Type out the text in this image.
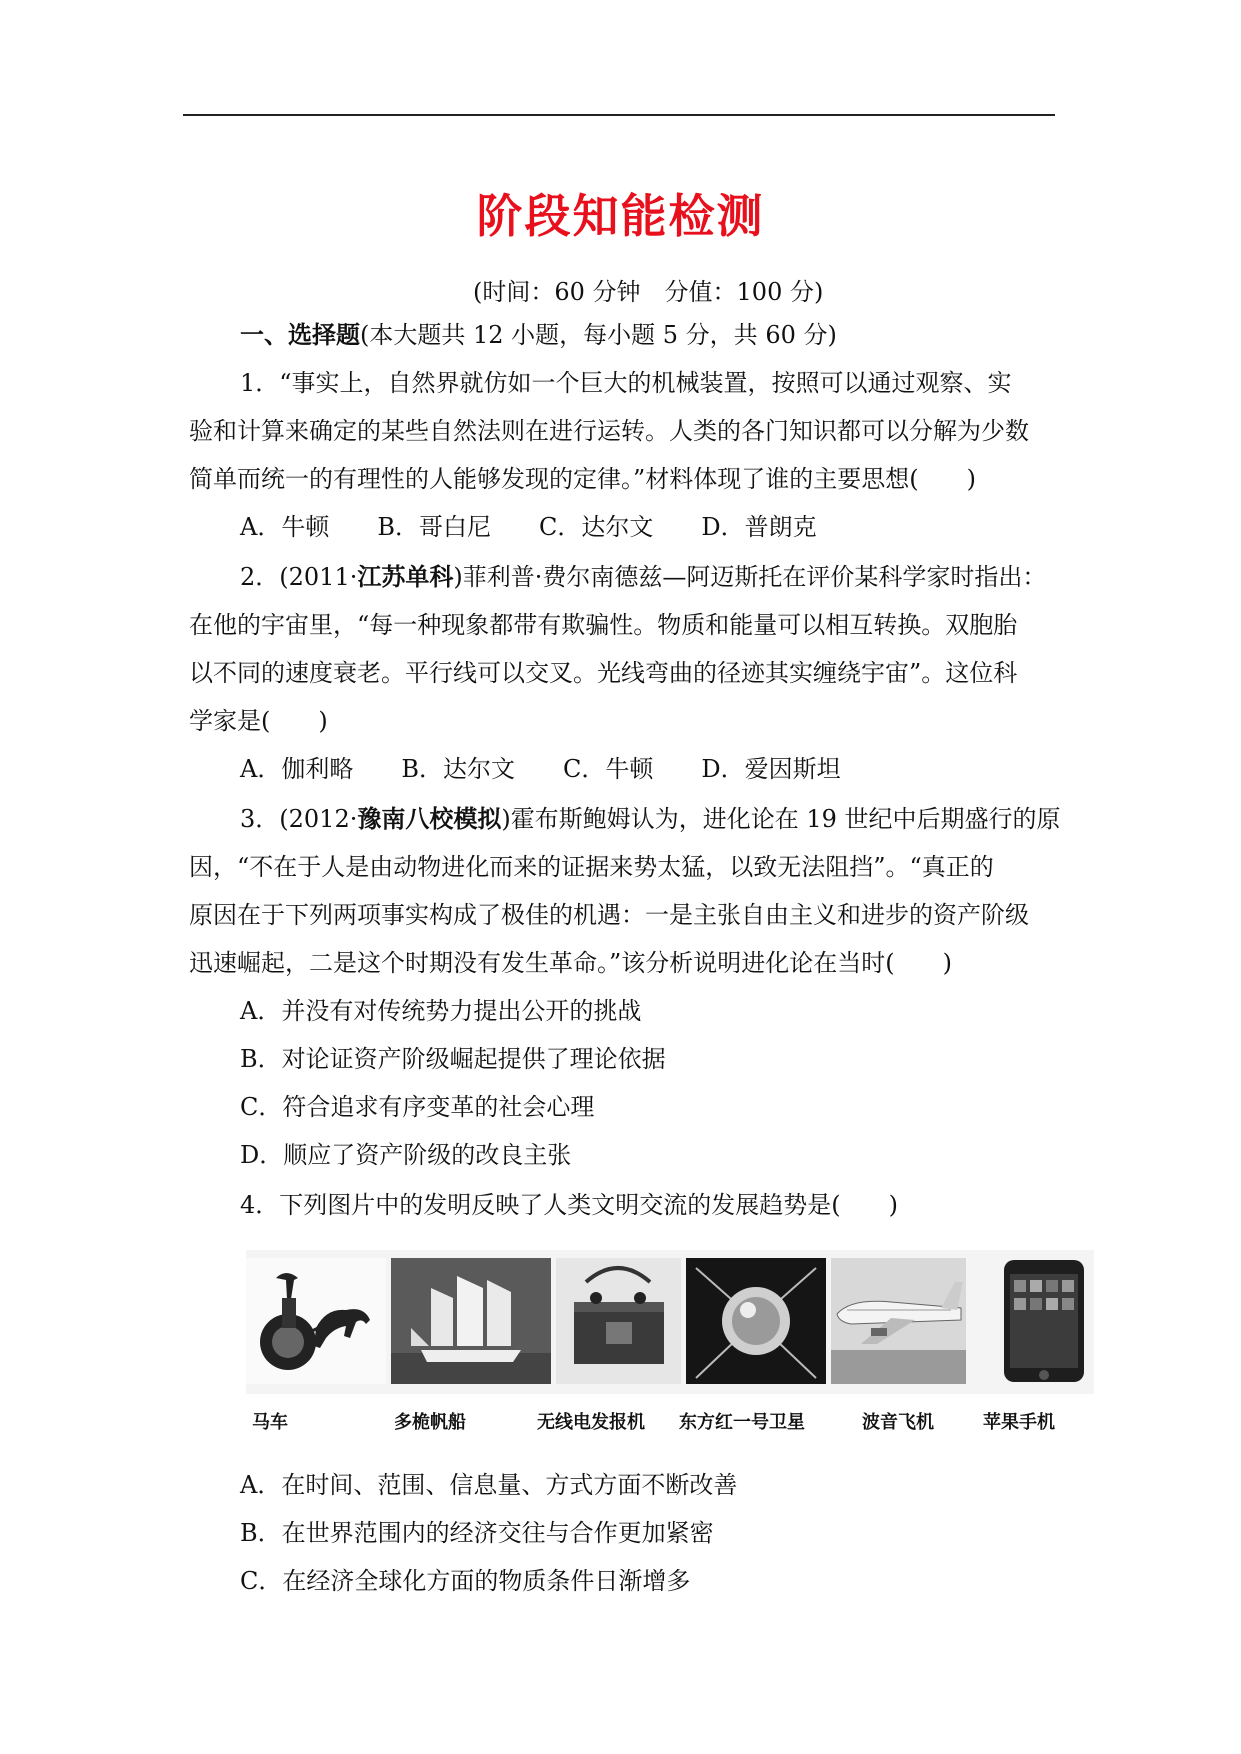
阶段知能检测
(时间：60 分钟　分值：100 分)
一、选择题(本大题共 12 小题，每小题 5 分，共 60 分)
1．“事实上，自然界就仿如一个巨大的机械装置，按照可以通过观察、实
验和计算来确定的某些自然法则在进行运转。人类的各门知识都可以分解为少数
简单而统一的有理性的人能够发现的定律。”材料体现了谁的主要思想(　　)
A．牛顿　　B．哥白尼　　C．达尔文　　D．普朗克
2．(2011·江苏单科)菲利普·费尔南德兹—阿迈斯托在评价某科学家时指出：
在他的宇宙里，“每一种现象都带有欺骗性。物质和能量可以相互转换。双胞胎
以不同的速度衰老。平行线可以交叉。光线弯曲的径迹其实缠绕宇宙”。这位科
学家是(　　)
A．伽利略　　B．达尔文　　C．牛顿　　D．爱因斯坦
3．(2012·豫南八校模拟)霍布斯鲍姆认为，进化论在 19 世纪中后期盛行的原
因，“不在于人是由动物进化而来的证据来势太猛，以致无法阻挡”。“真正的
原因在于下列两项事实构成了极佳的机遇：一是主张自由主义和进步的资产阶级
迅速崛起，二是这个时期没有发生革命。”该分析说明进化论在当时(　　)
A．并没有对传统势力提出公开的挑战
B．对论证资产阶级崛起提供了理论依据
C．符合追求有序变革的社会心理
D．顺应了资产阶级的改良主张
4．下列图片中的发明反映了人类文明交流的发展趋势是(　　)
马车	多桅帆船	无线电发报机 东方红一号卫星	波音飞机	苹果手机
A．在时间、范围、信息量、方式方面不断改善
B．在世界范围内的经济交往与合作更加紧密
C．在经济全球化方面的物质条件日渐增多
